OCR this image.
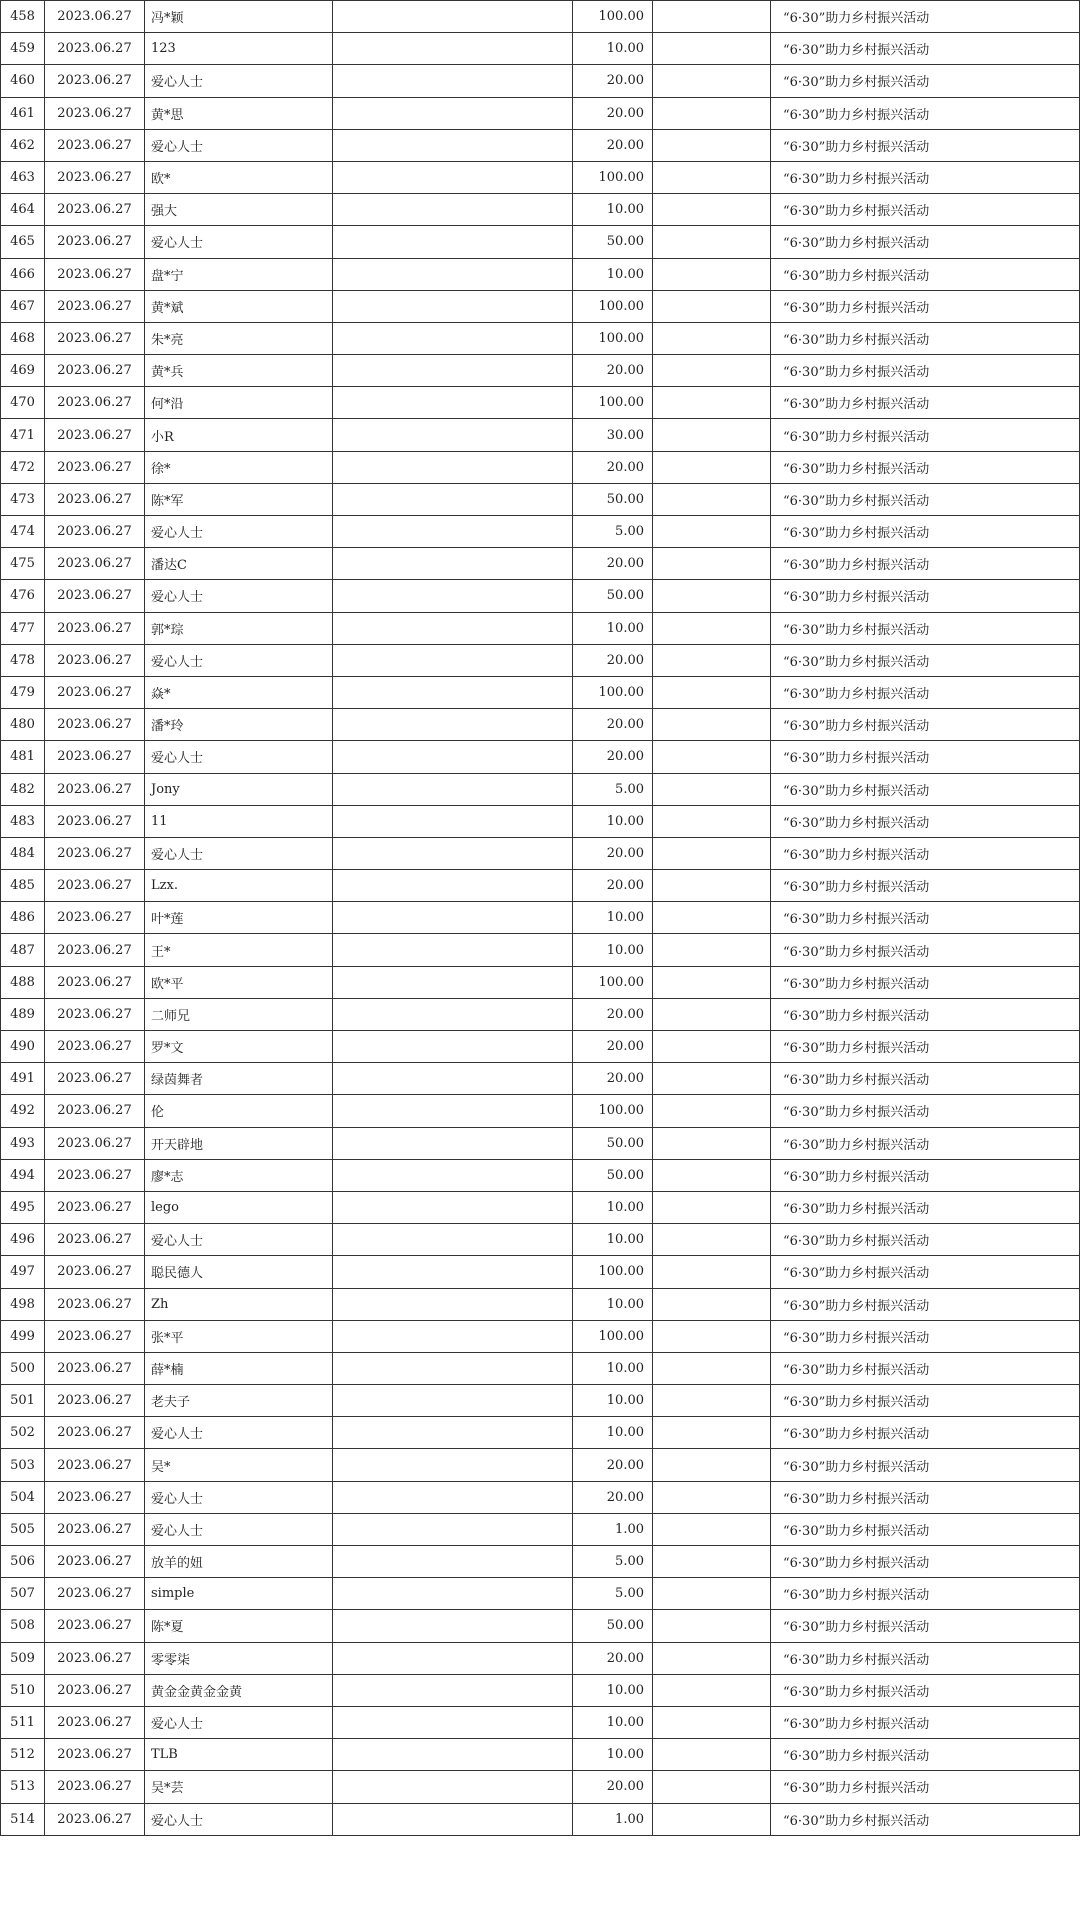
458	2023.06.27	冯*颖		100.00		“6·30”助力乡村振兴活动
459	2023.06.27	123		10.00		“6·30”助力乡村振兴活动
460	2023.06.27	爱心人士		20.00		“6·30”助力乡村振兴活动
461	2023.06.27	黄*思		20.00		“6·30”助力乡村振兴活动
462	2023.06.27	爱心人士		20.00		“6·30”助力乡村振兴活动
463	2023.06.27	欧*		100.00		“6·30”助力乡村振兴活动
464	2023.06.27	强大		10.00		“6·30”助力乡村振兴活动
465	2023.06.27	爱心人士		50.00		“6·30”助力乡村振兴活动
466	2023.06.27	盘*宁		10.00		“6·30”助力乡村振兴活动
467	2023.06.27	黄*斌		100.00		“6·30”助力乡村振兴活动
468	2023.06.27	朱*亮		100.00		“6·30”助力乡村振兴活动
469	2023.06.27	黄*兵		20.00		“6·30”助力乡村振兴活动
470	2023.06.27	何*沿		100.00		“6·30”助力乡村振兴活动
471	2023.06.27	小R		30.00		“6·30”助力乡村振兴活动
472	2023.06.27	徐*		20.00		“6·30”助力乡村振兴活动
473	2023.06.27	陈*军		50.00		“6·30”助力乡村振兴活动
474	2023.06.27	爱心人士		5.00		“6·30”助力乡村振兴活动
475	2023.06.27	潘达C		20.00		“6·30”助力乡村振兴活动
476	2023.06.27	爱心人士		50.00		“6·30”助力乡村振兴活动
477	2023.06.27	郭*琮		10.00		“6·30”助力乡村振兴活动
478	2023.06.27	爱心人士		20.00		“6·30”助力乡村振兴活动
479	2023.06.27	焱*		100.00		“6·30”助力乡村振兴活动
480	2023.06.27	潘*玲		20.00		“6·30”助力乡村振兴活动
481	2023.06.27	爱心人士		20.00		“6·30”助力乡村振兴活动
482	2023.06.27	Jony		5.00		“6·30”助力乡村振兴活动
483	2023.06.27	11		10.00		“6·30”助力乡村振兴活动
484	2023.06.27	爱心人士		20.00		“6·30”助力乡村振兴活动
485	2023.06.27	Lzx.		20.00		“6·30”助力乡村振兴活动
486	2023.06.27	叶*莲		10.00		“6·30”助力乡村振兴活动
487	2023.06.27	王*		10.00		“6·30”助力乡村振兴活动
488	2023.06.27	欧*平		100.00		“6·30”助力乡村振兴活动
489	2023.06.27	二师兄		20.00		“6·30”助力乡村振兴活动
490	2023.06.27	罗*文		20.00		“6·30”助力乡村振兴活动
491	2023.06.27	绿茵舞者		20.00		“6·30”助力乡村振兴活动
492	2023.06.27	伦		100.00		“6·30”助力乡村振兴活动
493	2023.06.27	开天辟地		50.00		“6·30”助力乡村振兴活动
494	2023.06.27	廖*志		50.00		“6·30”助力乡村振兴活动
495	2023.06.27	lego		10.00		“6·30”助力乡村振兴活动
496	2023.06.27	爱心人士		10.00		“6·30”助力乡村振兴活动
497	2023.06.27	聪民德人		100.00		“6·30”助力乡村振兴活动
498	2023.06.27	Zh		10.00		“6·30”助力乡村振兴活动
499	2023.06.27	张*平		100.00		“6·30”助力乡村振兴活动
500	2023.06.27	薛*楠		10.00		“6·30”助力乡村振兴活动
501	2023.06.27	老夫子		10.00		“6·30”助力乡村振兴活动
502	2023.06.27	爱心人士		10.00		“6·30”助力乡村振兴活动
503	2023.06.27	吴*		20.00		“6·30”助力乡村振兴活动
504	2023.06.27	爱心人士		20.00		“6·30”助力乡村振兴活动
505	2023.06.27	爱心人士		1.00		“6·30”助力乡村振兴活动
506	2023.06.27	放羊的妞		5.00		“6·30”助力乡村振兴活动
507	2023.06.27	simple		5.00		“6·30”助力乡村振兴活动
508	2023.06.27	陈*夏		50.00		“6·30”助力乡村振兴活动
509	2023.06.27	零零柒		20.00		“6·30”助力乡村振兴活动
510	2023.06.27	黄金金黄金金黄		10.00		“6·30”助力乡村振兴活动
511	2023.06.27	爱心人士		10.00		“6·30”助力乡村振兴活动
512	2023.06.27	TLB		10.00		“6·30”助力乡村振兴活动
513	2023.06.27	吴*芸		20.00		“6·30”助力乡村振兴活动
514	2023.06.27	爱心人士		1.00		“6·30”助力乡村振兴活动
